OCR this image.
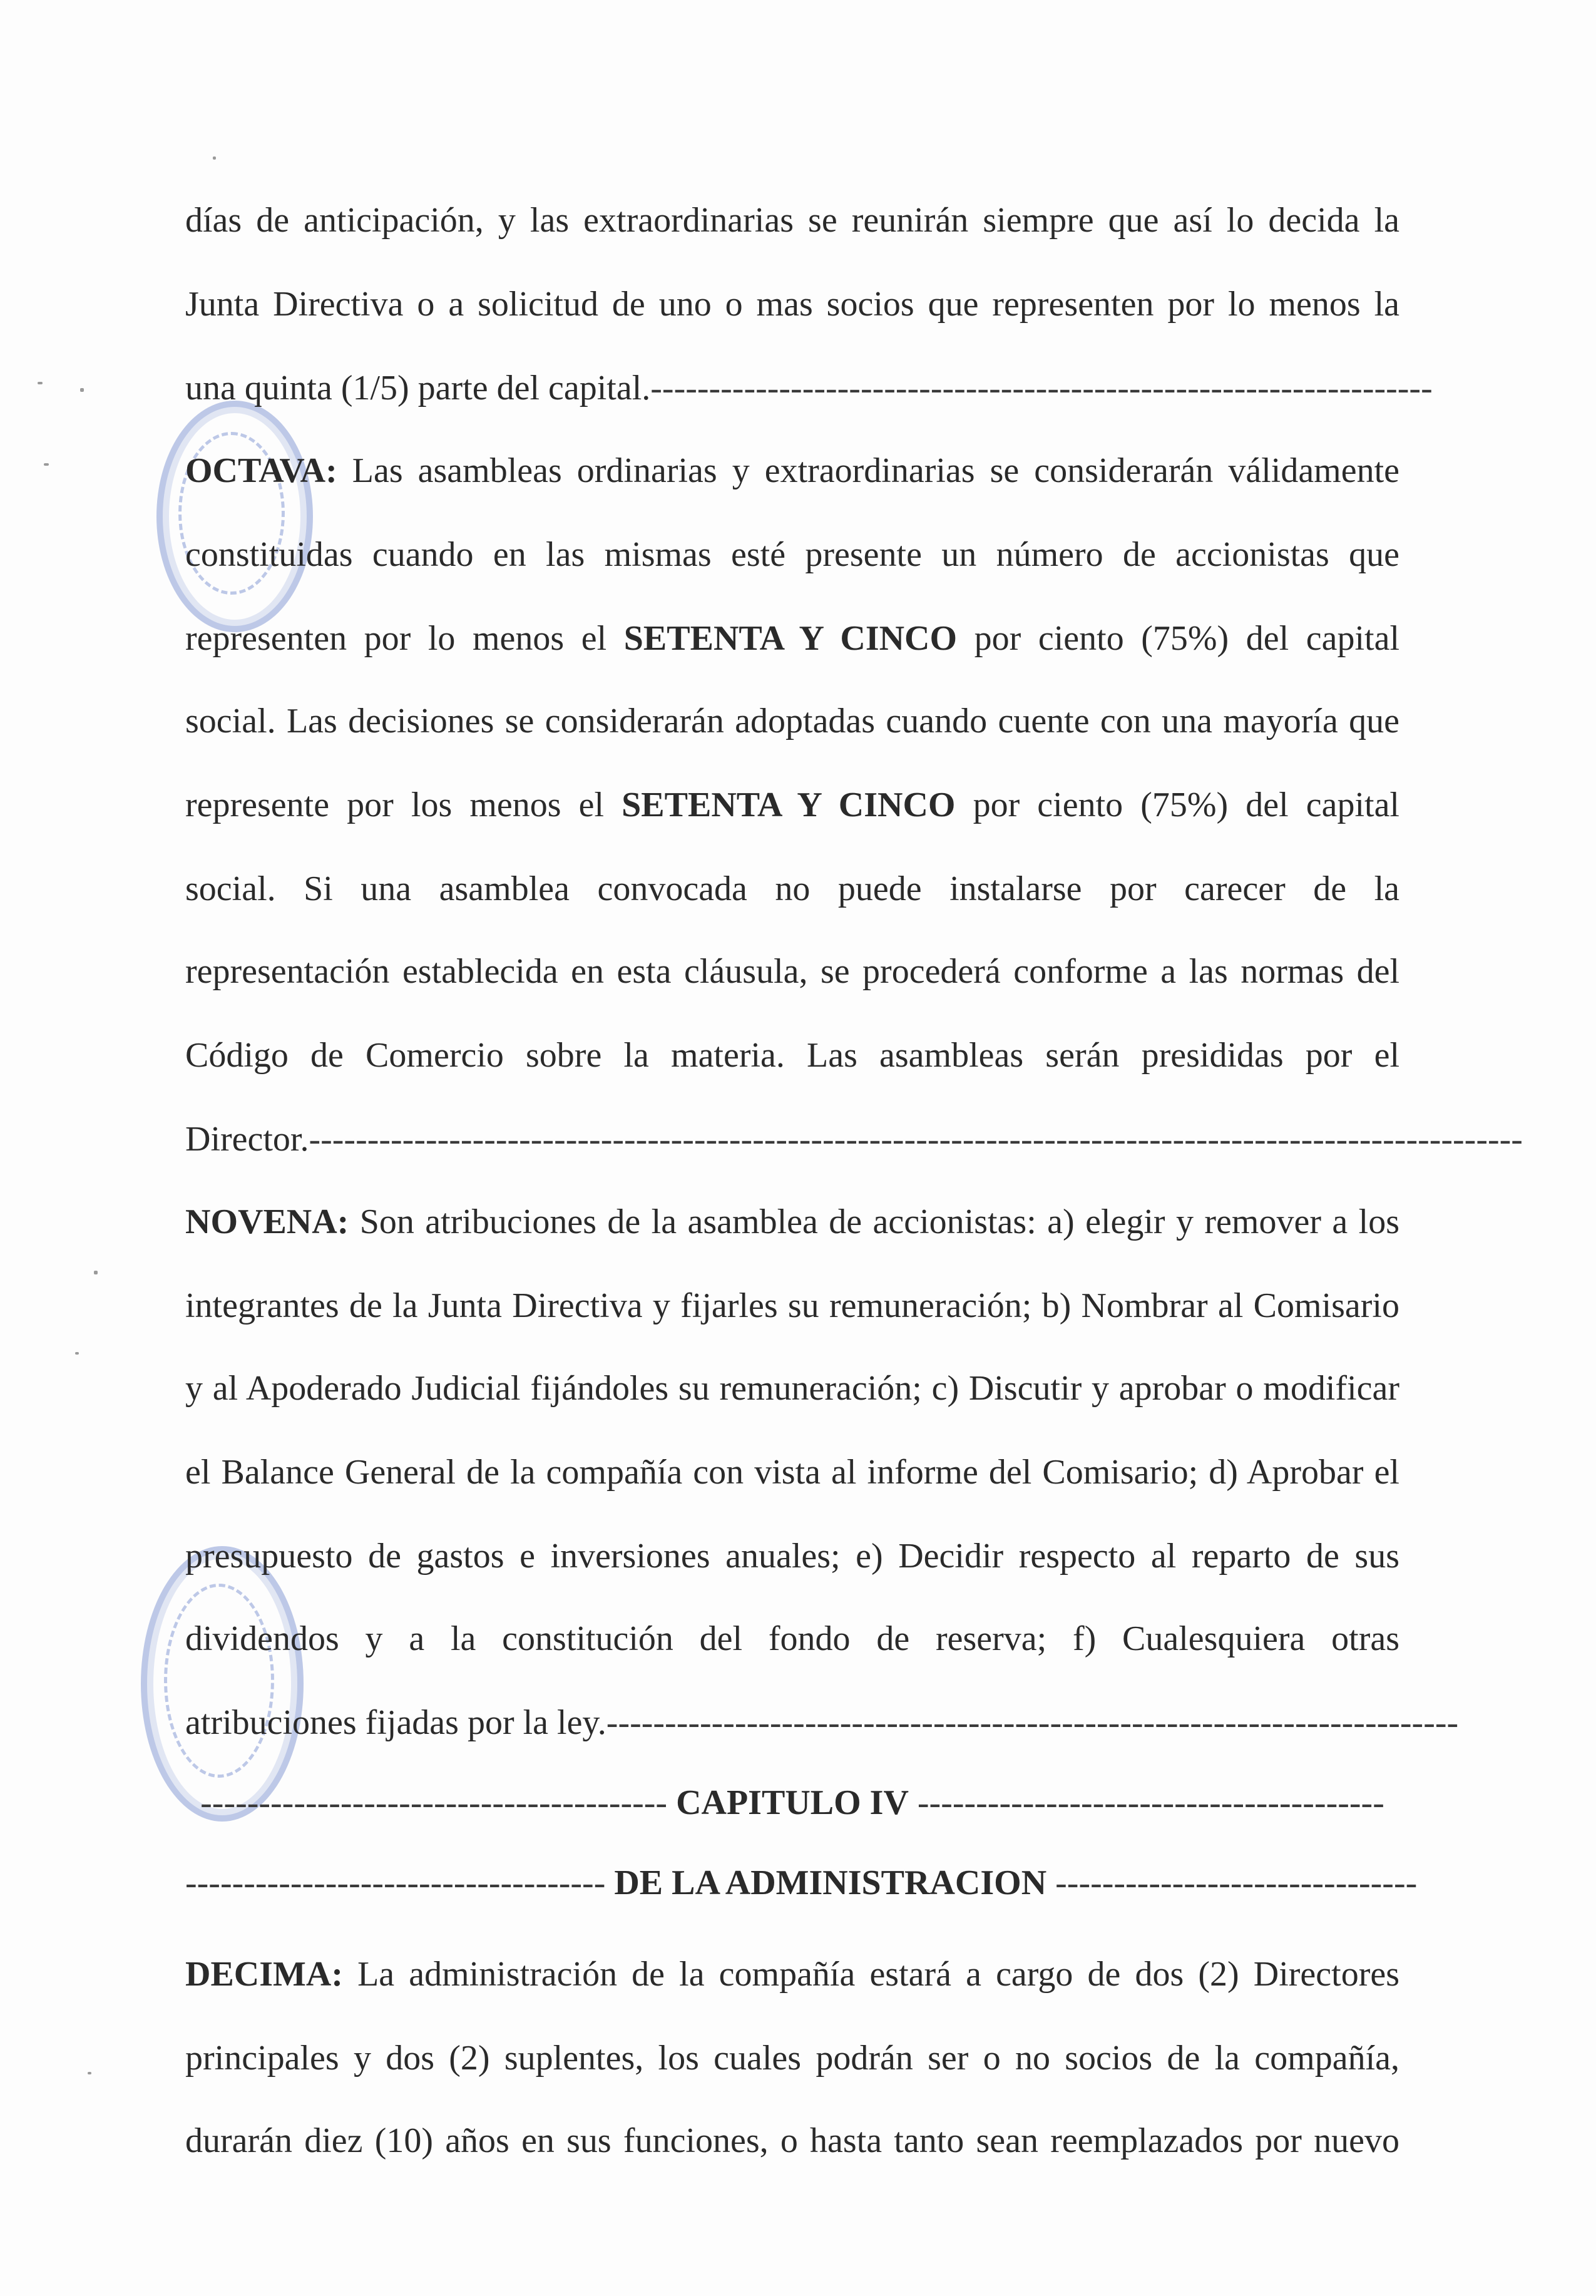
días de anticipación, y las extraordinarias se reunirán siempre que así lo decida la
Junta Directiva o a solicitud de uno o mas socios que representen por lo menos la
una quinta (1/5) parte del capital.-------------------------------------------------------------------
OCTAVA: Las asambleas ordinarias y extraordinarias se considerarán válidamente
constituidas cuando en las mismas esté presente un número de accionistas que
representen por lo menos el SETENTA Y CINCO por ciento (75%) del capital
social. Las decisiones se considerarán adoptadas cuando cuente con una mayoría que
represente por los menos el SETENTA Y CINCO por ciento (75%) del capital
social. Si una asamblea convocada no puede instalarse por carecer de la
representación establecida en esta cláusula, se procederá conforme a las normas del
Código de Comercio sobre la materia. Las asambleas serán presididas por el
Director.--------------------------------------------------------------------------------------------------------
NOVENA: Son atribuciones de la asamblea de accionistas: a) elegir y remover a los
integrantes de la Junta Directiva y fijarles su remuneración; b) Nombrar al Comisario
y al Apoderado Judicial fijándoles su remuneración; c) Discutir y aprobar o modificar
el Balance General de la compañía con vista al informe del Comisario; d) Aprobar el
presupuesto de gastos e inversiones anuales; e) Decidir respecto al reparto de sus
dividendos y a la constitución del fondo de reserva; f) Cualesquiera otras
atribuciones fijadas por la ley.-------------------------------------------------------------------------
---------------------------------------- CAPITULO IV ----------------------------------------
------------------------------------ DE LA ADMINISTRACION -------------------------------
DECIMA: La administración de la compañía estará a cargo de dos (2) Directores
principales y dos (2) suplentes, los cuales podrán ser o no socios de la compañía,
durarán diez (10) años en sus funciones, o hasta tanto sean reemplazados por nuevo
